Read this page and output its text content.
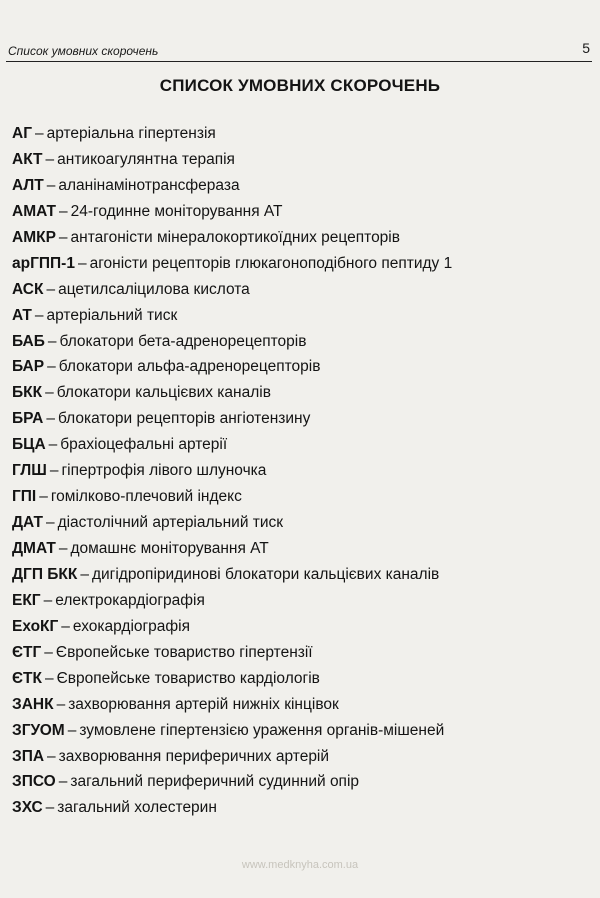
Список умовних скорочень	5
СПИСОК УМОВНИХ СКОРОЧЕНЬ
АГ – артеріальна гіпертензія
АКТ – антикоагулянтна терапія
АЛТ – аланінамінотрансфераза
АМАТ – 24-годинне моніторування АТ
АМКР – антагоністи мінералокортикоїдних рецепторів
арГПП-1 – агоністи рецепторів глюкагоноподібного пептиду 1
АСК – ацетилсаліцилова кислота
АТ – артеріальний тиск
БАБ – блокатори бета-адренорецепторів
БАР – блокатори альфа-адренорецепторів
БКК – блокатори кальцієвих каналів
БРА – блокатори рецепторів ангіотензину
БЦА – брахіоцефальні артерії
ГЛШ – гіпертрофія лівого шлуночка
ГПІ – гомілково-плечовий індекс
ДАТ – діастолічний артеріальний тиск
ДМАТ – домашнє моніторування АТ
ДГП БКК – дигідропіридинові блокатори кальцієвих каналів
ЕКГ – електрокардіографія
ЕхоКГ – ехокардіографія
ЄТГ – Європейське товариство гіпертензії
ЄТК – Європейське товариство кардіологів
ЗАНК – захворювання артерій нижніх кінцівок
ЗГУОМ – зумовлене гіпертензією ураження органів-мішеней
ЗПА – захворювання периферичних артерій
ЗПСО – загальний периферичний судинний опір
ЗХС – загальний холестерин
www.medknyha.com.ua
